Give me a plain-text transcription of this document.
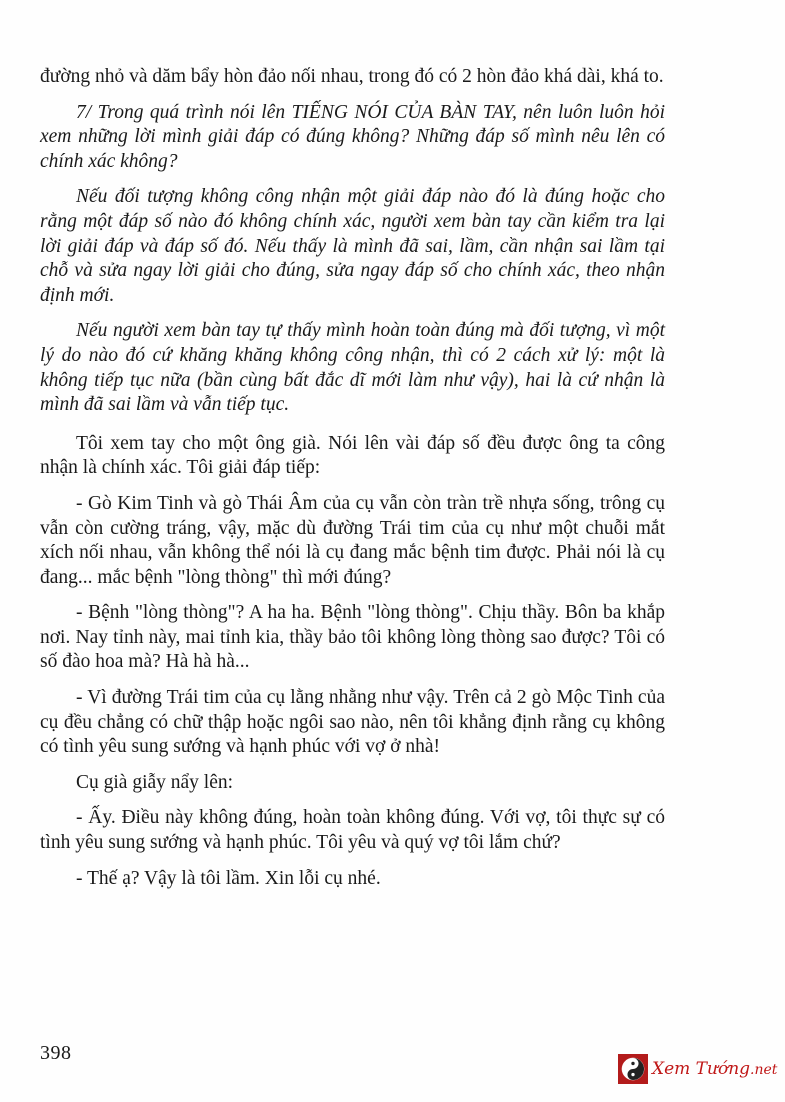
đường nhỏ và dăm bẩy hòn đảo nối nhau, trong đó có 2 hòn đảo khá dài, khá to.

7/ Trong quá trình nói lên TIẾNG NÓI CỦA BÀN TAY, nên luôn luôn hỏi xem những lời mình giải đáp có đúng không? Những đáp số mình nêu lên có chính xác không?

Nếu đối tượng không công nhận một giải đáp nào đó là đúng hoặc cho rằng một đáp số nào đó không chính xác, người xem bàn tay cần kiểm tra lại lời giải đáp và đáp số đó. Nếu thấy là mình đã sai, lầm, cần nhận sai lầm tại chỗ và sửa ngay lời giải cho đúng, sửa ngay đáp số cho chính xác, theo nhận định mới.

Nếu người xem bàn tay tự thấy mình hoàn toàn đúng mà đối tượng, vì một lý do nào đó cứ khăng khăng không công nhận, thì có 2 cách xử lý: một là không tiếp tục nữa (bần cùng bất đắc dĩ mới làm như vậy), hai là cứ nhận là mình đã sai lầm và vẫn tiếp tục.

Tôi xem tay cho một ông già. Nói lên vài đáp số đều được ông ta công nhận là chính xác. Tôi giải đáp tiếp:

- Gò Kim Tinh và gò Thái Âm của cụ vẫn còn tràn trề nhựa sống, trông cụ vẫn còn cường tráng, vậy, mặc dù đường Trái tim của cụ như một chuỗi mắt xích nối nhau, vẫn không thể nói là cụ đang mắc bệnh tim được. Phải nói là cụ đang... mắc bệnh "lòng thòng" thì mới đúng?

- Bệnh "lòng thòng"? A ha ha. Bệnh "lòng thòng". Chịu thầy. Bôn ba khắp nơi. Nay tỉnh này, mai tỉnh kia, thầy bảo tôi không lòng thòng sao được? Tôi có số đào hoa mà? Hà hà hà...

- Vì đường Trái tim của cụ lằng nhằng như vậy. Trên cả 2 gò Mộc Tinh của cụ đều chẳng có chữ thập hoặc ngôi sao nào, nên tôi khẳng định rằng cụ không có tình yêu sung sướng và hạnh phúc với vợ ở nhà!

Cụ già giẫy nẩy lên:

- Ấy. Điều này không đúng, hoàn toàn không đúng. Với vợ, tôi thực sự có tình yêu sung sướng và hạnh phúc. Tôi yêu và quý vợ tôi lắm chứ?

- Thế ạ? Vậy là tôi lầm. Xin lỗi cụ nhé.

398
Xem Tướng.net
